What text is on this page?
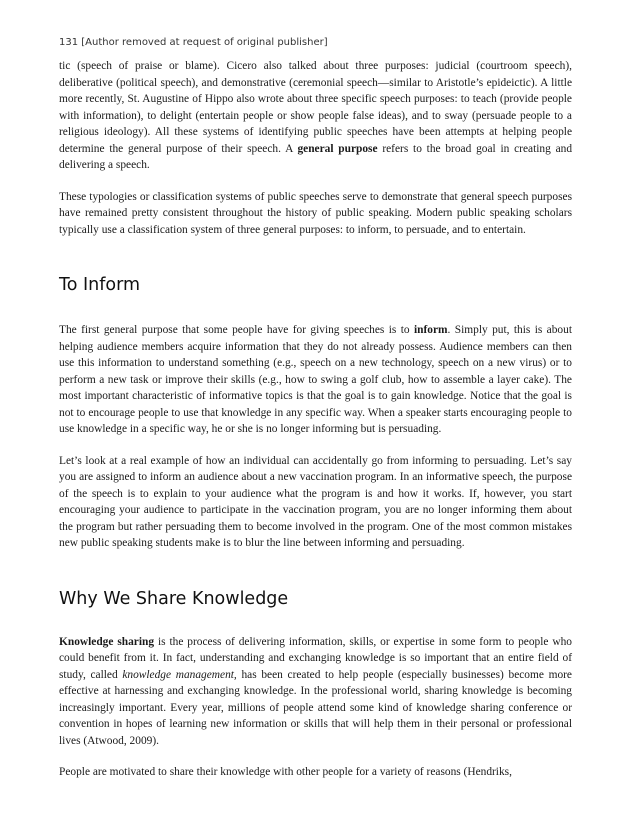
131 [Author removed at request of original publisher]

tic (speech of praise or blame). Cicero also talked about three purposes: judicial (courtroom speech), deliberative (political speech), and demonstrative (ceremonial speech—similar to Aristotle’s epideictic). A little more recently, St. Augustine of Hippo also wrote about three specific speech purposes: to teach (provide people with information), to delight (entertain people or show people false ideas), and to sway (persuade people to a religious ideology). All these systems of identifying public speeches have been attempts at helping people determine the general purpose of their speech. A general purpose refers to the broad goal in creating and delivering a speech.

These typologies or classification systems of public speeches serve to demonstrate that general speech purposes have remained pretty consistent throughout the history of public speaking. Modern public speaking scholars typically use a classification system of three general purposes: to inform, to persuade, and to entertain.

To Inform

The first general purpose that some people have for giving speeches is to inform. Simply put, this is about helping audience members acquire information that they do not already possess. Audience members can then use this information to understand something (e.g., speech on a new technology, speech on a new virus) or to perform a new task or improve their skills (e.g., how to swing a golf club, how to assemble a layer cake). The most important characteristic of informative topics is that the goal is to gain knowledge. Notice that the goal is not to encourage people to use that knowledge in any specific way. When a speaker starts encouraging people to use knowledge in a specific way, he or she is no longer informing but is persuading.

Let’s look at a real example of how an individual can accidentally go from informing to persuading. Let’s say you are assigned to inform an audience about a new vaccination program. In an informative speech, the purpose of the speech is to explain to your audience what the program is and how it works. If, however, you start encouraging your audience to participate in the vaccination program, you are no longer informing them about the program but rather persuading them to become involved in the program. One of the most common mistakes new public speaking students make is to blur the line between informing and persuading.

Why We Share Knowledge

Knowledge sharing is the process of delivering information, skills, or expertise in some form to people who could benefit from it. In fact, understanding and exchanging knowledge is so important that an entire field of study, called knowledge management, has been created to help people (especially businesses) become more effective at harnessing and exchanging knowledge. In the professional world, sharing knowledge is becoming increasingly important. Every year, millions of people attend some kind of knowledge sharing conference or convention in hopes of learning new information or skills that will help them in their personal or professional lives (Atwood, 2009).

People are motivated to share their knowledge with other people for a variety of reasons (Hendriks,
